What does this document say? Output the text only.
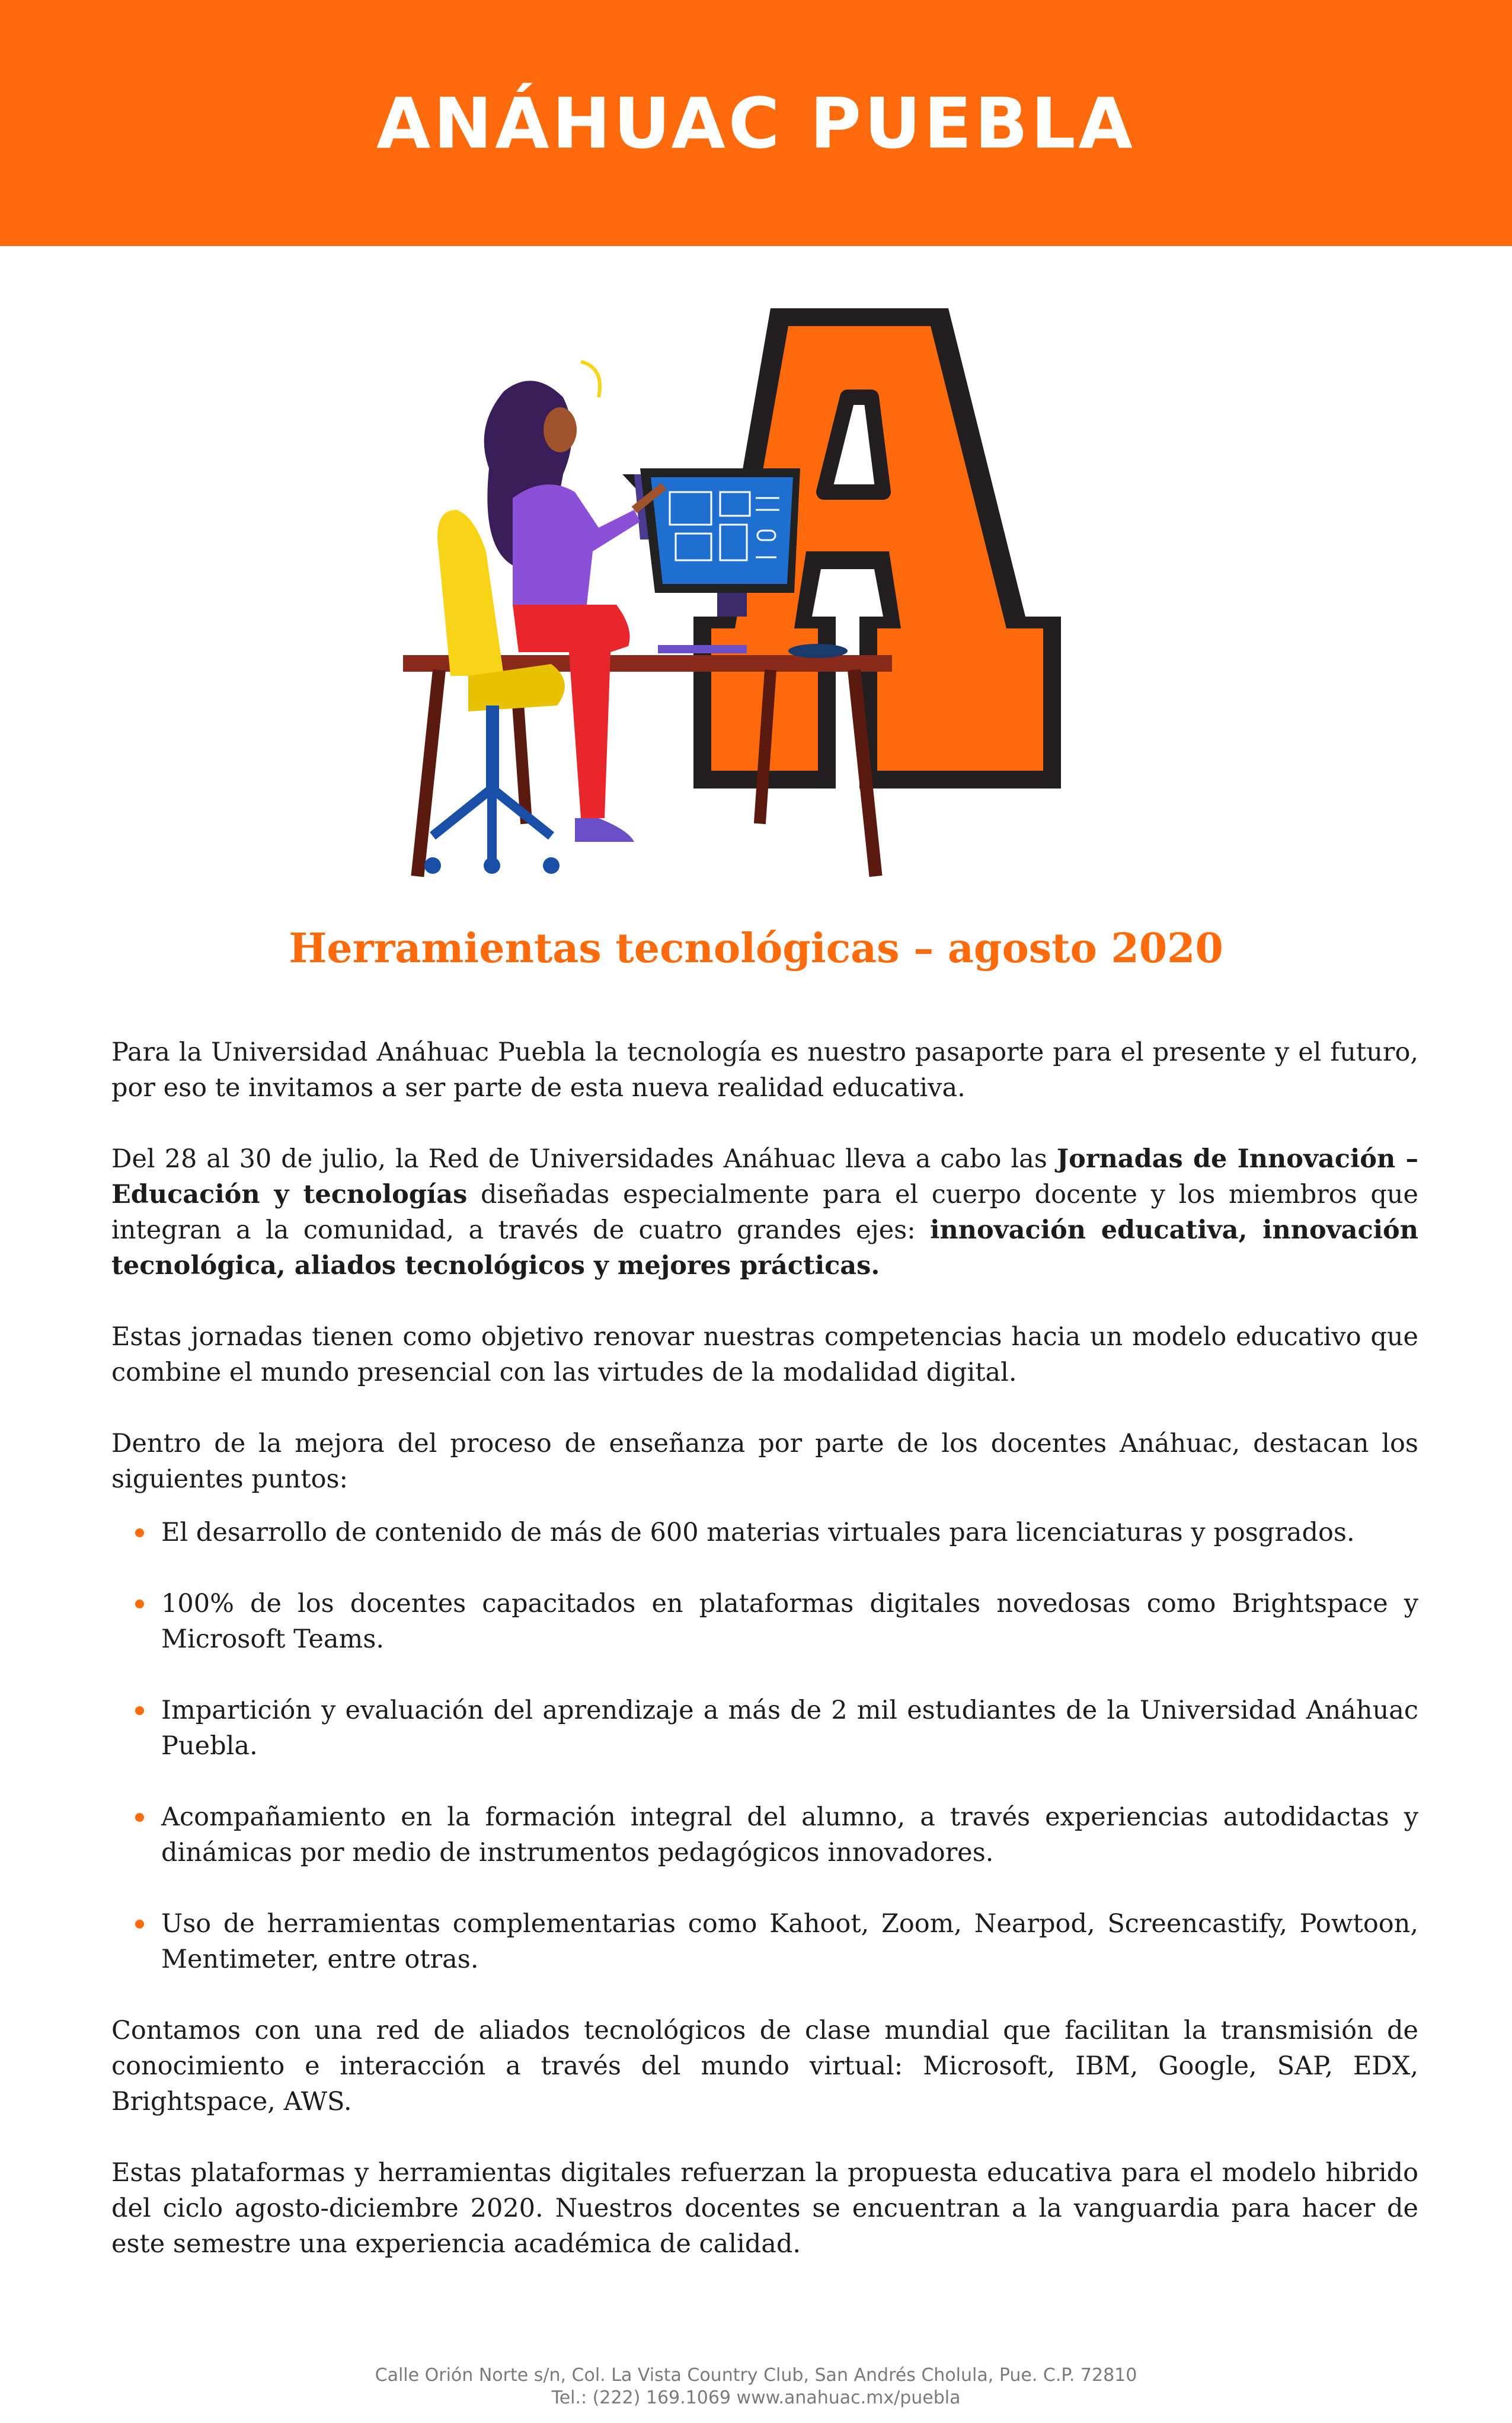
ANÁHUAC PUEBLA
Herramientas tecnológicas – agosto 2020

Para la Universidad Anáhuac Puebla la tecnología es nuestro pasaporte para el presente y el futuro, por eso te invitamos a ser parte de esta nueva realidad educativa.

Del 28 al 30 de julio, la Red de Universidades Anáhuac lleva a cabo las Jornadas de Innovación – Educación y tecnologías diseñadas especialmente para el cuerpo docente y los miembros que integran a la comunidad, a través de cuatro grandes ejes: innovación educativa, innovación tecnológica, aliados tecnológicos y mejores prácticas.

Estas jornadas tienen como objetivo renovar nuestras competencias hacia un modelo educativo que combine el mundo presencial con las virtudes de la modalidad digital.

Dentro de la mejora del proceso de enseñanza por parte de los docentes Anáhuac, destacan los siguientes puntos:

El desarrollo de contenido de más de 600 materias virtuales para licenciaturas y posgrados.
100% de los docentes capacitados en plataformas digitales novedosas como Brightspace y Microsoft Teams.
Impartición y evaluación del aprendizaje a más de 2 mil estudiantes de la Universidad Anáhuac Puebla.
Acompañamiento en la formación integral del alumno, a través experiencias autodidactas y dinámicas por medio de instrumentos pedagógicos innovadores.
Uso de herramientas complementarias como Kahoot, Zoom, Nearpod, Screencastify, Powtoon, Mentimeter, entre otras.

Contamos con una red de aliados tecnológicos de clase mundial que facilitan la transmisión de conocimiento e interacción a través del mundo virtual: Microsoft, IBM, Google, SAP, EDX, Brightspace, AWS.

Estas plataformas y herramientas digitales refuerzan la propuesta educativa para el modelo hibrido del ciclo agosto-diciembre 2020. Nuestros docentes se encuentran a la vanguardia para hacer de este semestre una experiencia académica de calidad.

Calle Orión Norte s/n, Col. La Vista Country Club, San Andrés Cholula, Pue. C.P. 72810
Tel.: (222) 169.1069 www.anahuac.mx/puebla
